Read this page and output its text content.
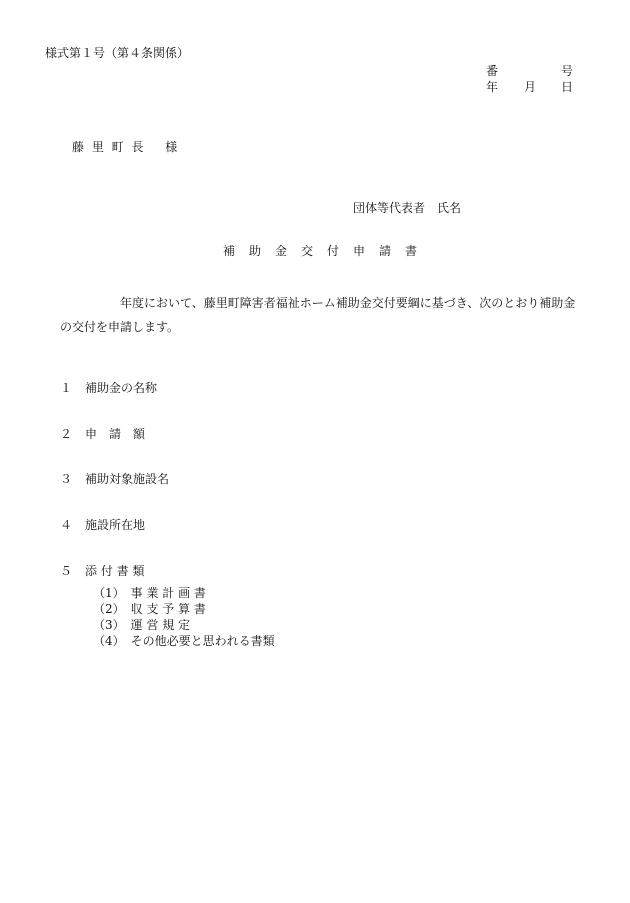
様式第１号（第４条関係）
番	号
年 月 日
藤 里 町 長　 様
団体等代表者　氏名
補　助　金　交　付　申　請　書
年度において、藤里町障害者福祉ホーム補助金交付要綱に基づき、次のとおり補助金の交付を申請します。
１ 補助金の名称
２ 申　請　額
３ 補助対象施設名
４ 施設所在地
５ 添 付 書 類
（1）　事 業 計 画 書
（2）　収 支 予 算 書
（3）　運 営 規 定
（4）　その他必要と思われる書類
